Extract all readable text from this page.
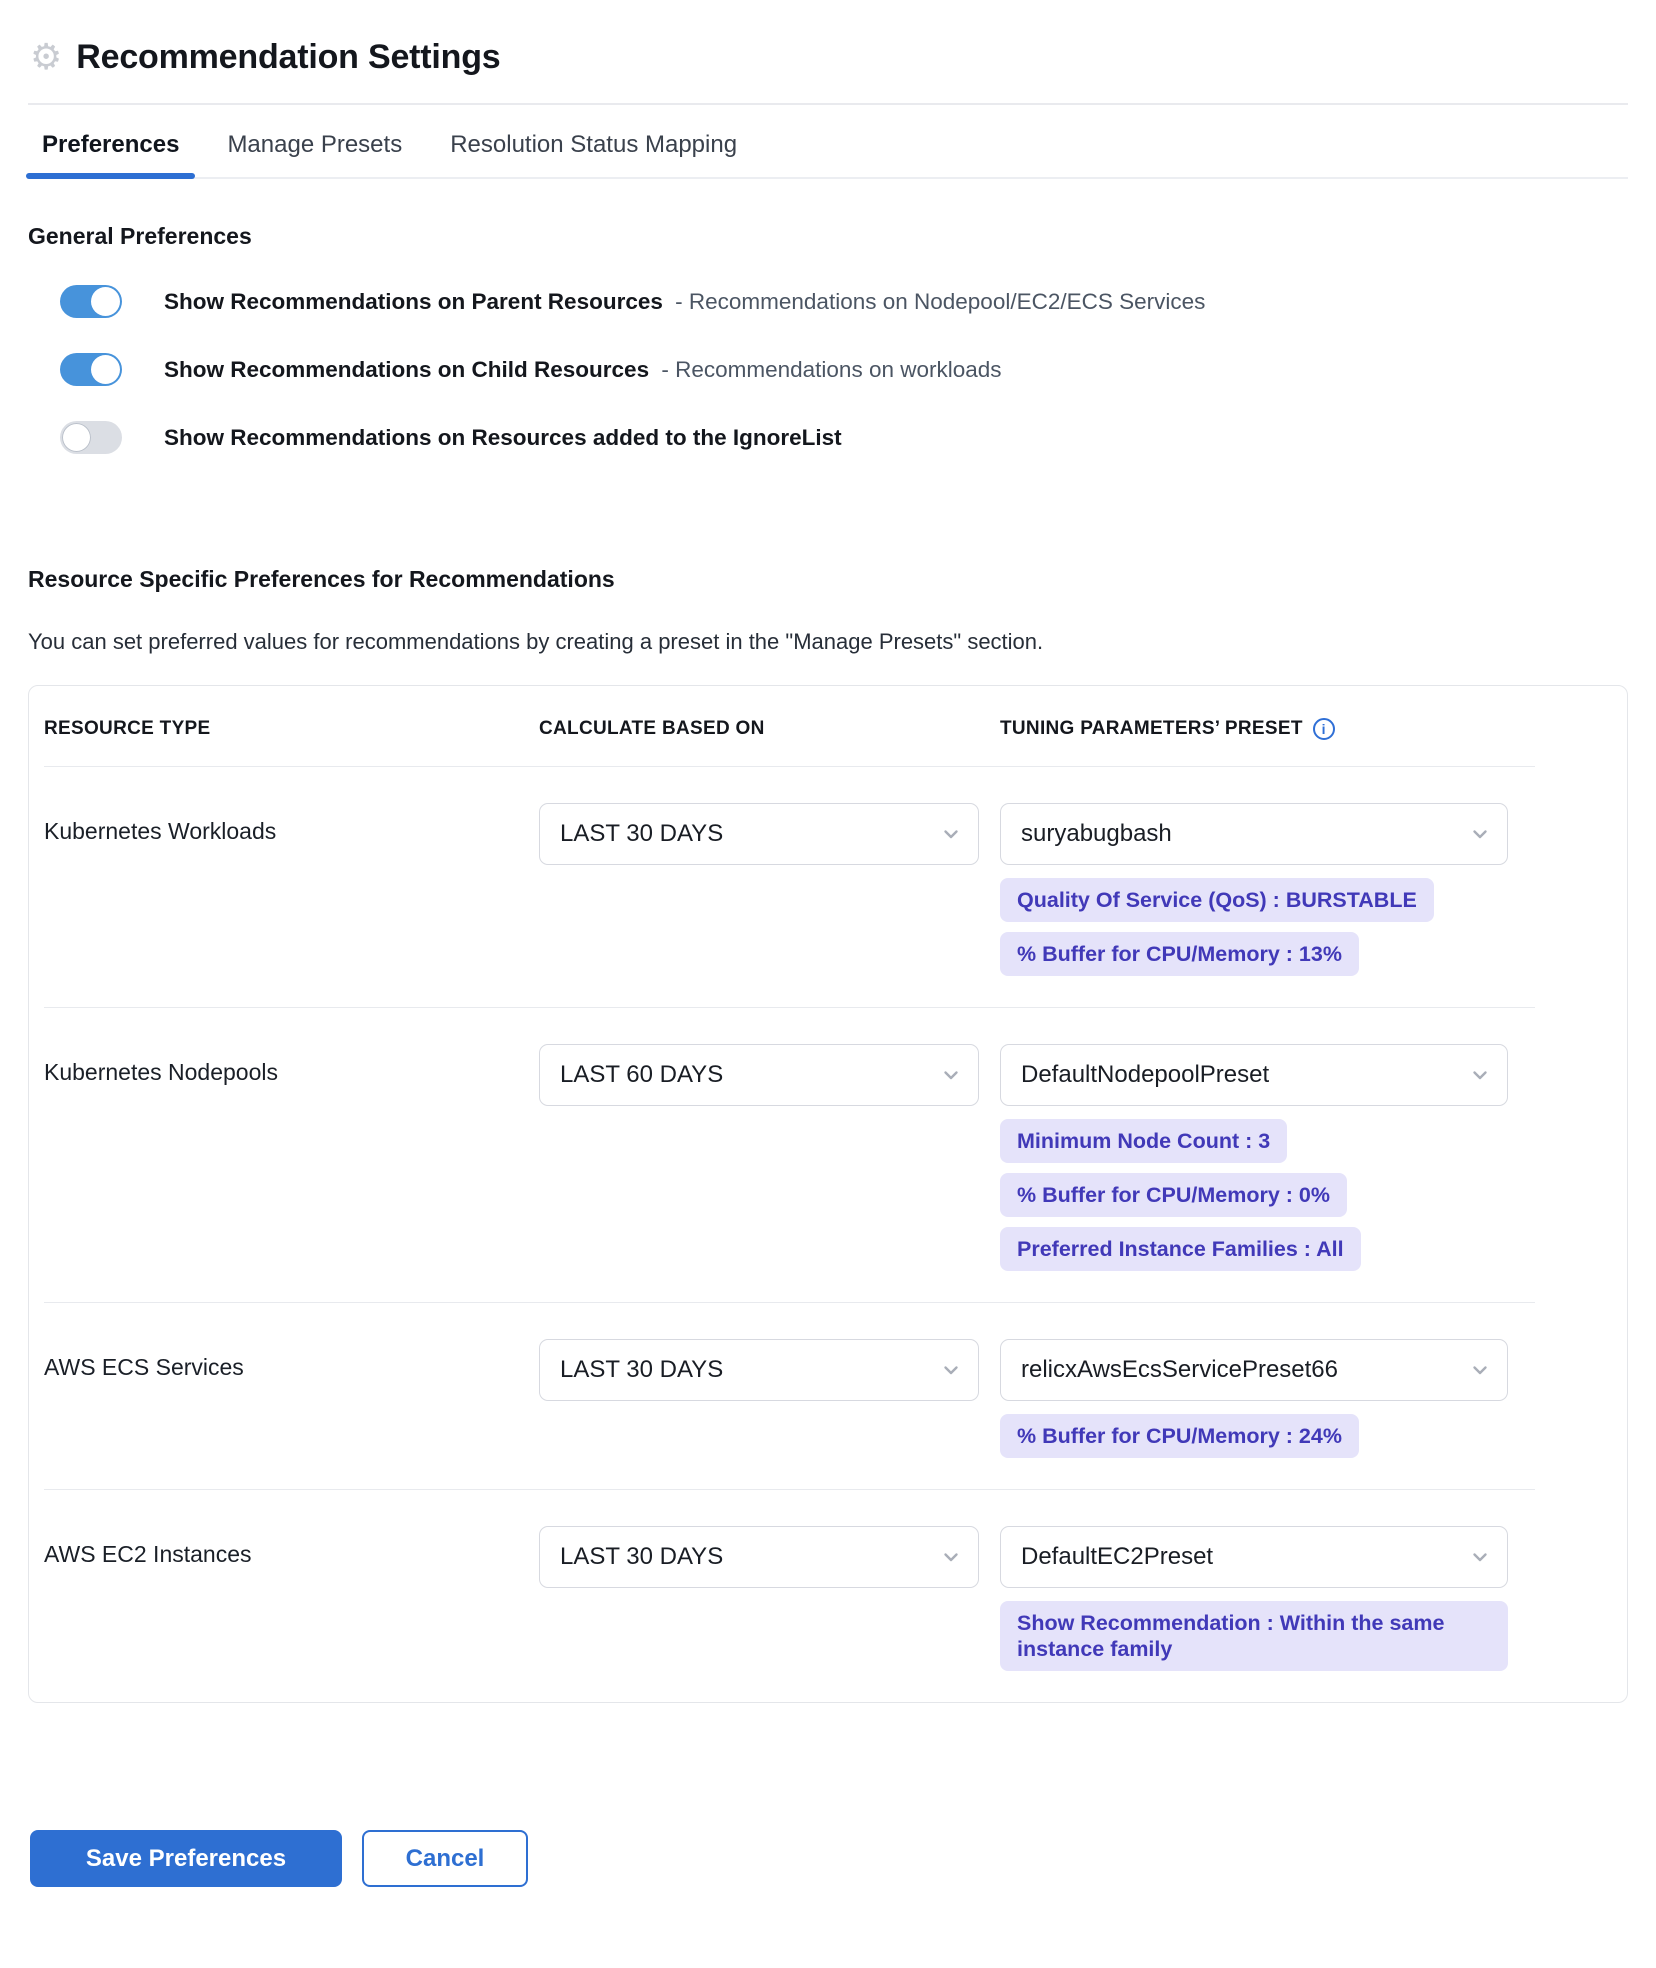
⚙ Recommendation Settings
Preferences Manage Presets Resolution Status Mapping
General Preferences
Show Recommendations on Parent Resources - Recommendations on Nodepool/EC2/ECS Services
Show Recommendations on Child Resources - Recommendations on workloads
Show Recommendations on Resources added to the IgnoreList
Resource Specific Preferences for Recommendations

You can set preferred values for recommendations by creating a preset in the "Manage Presets" section.

RESOURCE TYPE	CALCULATE BASED ON	TUNING PARAMETERS’ PRESET	i
Kubernetes Workloads	LAST 30 DAYS	suryabugbash
Quality Of Service (QoS) : BURSTABLE
% Buffer for CPU/Memory : 13%
Kubernetes Nodepools	LAST 60 DAYS	DefaultNodepoolPreset
Minimum Node Count : 3
% Buffer for CPU/Memory : 0%
Preferred Instance Families : All
AWS ECS Services	LAST 30 DAYS	relicxAwsEcsServicePreset66
% Buffer for CPU/Memory : 24%
AWS EC2 Instances	LAST 30 DAYS	DefaultEC2Preset
Show Recommendation : Within the same instance family
Save Preferences	Cancel
